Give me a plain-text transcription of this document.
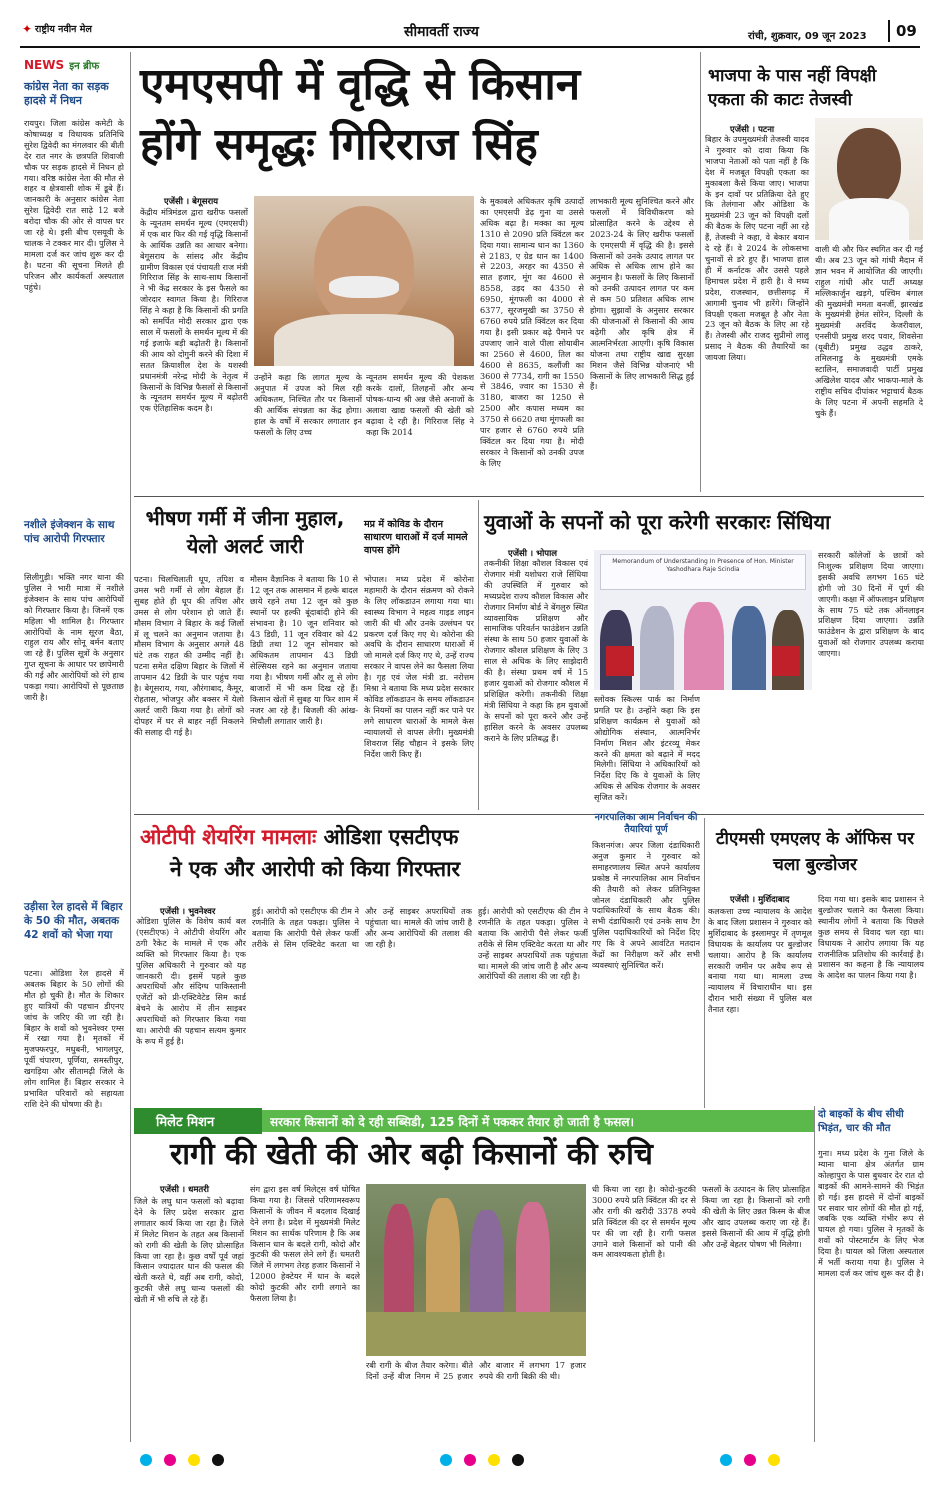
✦ राष्ट्रीय नवीन मेल	सीमावर्ती राज्य	रांची, शुक्रवार, 09 जून 2023 09
NEWS इन ब्रीफ
कांग्रेस नेता का सड़क हादसे में निधन
रायपुर। जिला कांग्रेस कमेटी के कोषाध्यक्ष व विधायक प्रतिनिधि सुरेश द्विवेदी का मंगलवार की बीती देर रात नगर के छत्रपति शिवाजी चौक पर सड़क हादसे में निधन हो गया। वरिष्ठ कांग्रेस नेता की मौत से शहर व क्षेत्रवासी शोक में डूबे हैं। जानकारी के अनुसार कांग्रेस नेता सुरेश द्विवेदी रात साढ़े 12 बजे बरोदा चौक की ओर से वापस घर जा रहे थे। इसी बीच एसयूवी के चालक ने टक्कर मार दी। पुलिस ने मामला दर्ज कर जांच शुरू कर दी है। घटना की सूचना मिलते ही परिजन और कार्यकर्ता अस्पताल पहुंचे।
नशीले इंजेक्शन के साथ पांच आरोपी गिरफ्तार
सिलीगुड़ी। भक्ति नगर थाना की पुलिस ने भारी मात्रा में नशीले इंजेक्शन के साथ पांच आरोपियों को गिरफ्तार किया है। जिनमें एक महिला भी शामिल है। गिरफ्तार आरोपियों के नाम सूरज बैठा, राहुल राय और सोनू बर्मन बताए जा रहे हैं। पुलिस सूत्रों के अनुसार गुप्त सूचना के आधार पर छापेमारी की गई और आरोपियों को रंगे हाथ पकड़ा गया। आरोपियों से पूछताछ जारी है।
उड़ीसा रेल हादसे में बिहार के 50 की मौत, अबतक 42 शवों को भेजा गया
पटना। ओडिशा रेल हादसे में अबतक बिहार के 50 लोगों की मौत हो चुकी है। मौत के शिकार हुए यात्रियों की पहचान डीएनए जांच के जरिए की जा रही है। बिहार के शवों को भुवनेश्वर एम्स में रखा गया है। मृतकों में मुजफ्फरपुर, मधुबनी, भागलपुर, पूर्वी चंपारण, पूर्णिया, समस्तीपुर, खगड़िया और सीतामढ़ी जिले के लोग शामिल हैं। बिहार सरकार ने प्रभावित परिवारों को सहायता राशि देने की घोषणा की है।
एमएसपी में वृद्धि से किसान
होंगे समृद्धः गिरिराज सिंह
एजेंसी । बेगूसराय
केंद्रीय मंत्रिमंडल द्वारा खरीफ फसलों के न्यूनतम समर्थन मूल्य (एमएसपी) में एक बार फिर की गई वृद्धि किसानों के आर्थिक उन्नति का आधार बनेगा। बेगूसराय के सांसद और केंद्रीय ग्रामीण विकास एवं पंचायती राज मंत्री गिरिराज सिंह के साथ-साथ किसानों ने भी केंद्र सरकार के इस फैसले का जोरदार स्वागत किया है। गिरिराज सिंह ने कहा है कि किसानों की प्रगति को समर्पित मोदी सरकार द्वारा एक साल में फसलों के समर्थन मूल्य में की गई इजाफे बड़ी बढ़ोतरी है। किसानों की आय को दोगुनी करने की दिशा में सतत क्रियाशील देश के यशस्वी प्रधानमंत्री नरेन्द्र मोदी के नेतृत्व में किसानों के विभिन्न फैसलों से किसानों के न्यूनतम समर्थन मूल्य में बढ़ोतरी एक ऐतिहासिक कदम है।
उन्होंने कहा कि लागत मूल्य के अनुपात में उपज को मिल रही अधिकतम, निश्चित तौर पर किसानों की आर्थिक संपन्नता का केंद्र होगा। हाल के वर्षों में सरकार लगातार इन फसलों के लिए उच्च
न्यूनतम समर्थन मूल्य की पेशकश करके दालों, तिलहनों और अन्य पोषक-धान्य श्री अन्न जैसे अनाजों के अलावा खाद्य फसलों की खेती को बढ़ावा दे रही है। गिरिराज सिंह ने कहा कि 2014
के मुकाबले अधिकतर कृषि उत्पादों का एमएसपी डेढ़ गुना या उससे अधिक बढ़ा है। मक्का का मूल्य 1310 से 2090 प्रति क्विंटल कर दिया गया। सामान्य धान का 1360 से 2183, ए ग्रेड धान का 1400 से 2203, अरहर का 4350 से सात हजार, मूंग का 4600 से 8558, उड़द का 4350 से 6950, मूंगफली का 4000 से 6377, सूरजमुखी का 3750 से 6760 रुपये प्रति क्विंटल कर दिया गया है। इसी प्रकार बढ़े पैमाने पर उपजाए जाने वाले पीला सोयाबीन का 2560 से 4600, तिल का 4600 से 8635, कलौंजी का 3600 से 7734, रागी का 1550 से 3846, ज्वार का 1530 से 3180, बाजरा का 1250 से 2500 और कपास मध्यम का 3750 से 6620 तथा मूंगफली का पार हजार से 6760 रुपये प्रति क्विंटल कर दिया गया है। मोदी सरकार ने किसानों को उनकी उपज के लिए
लाभकारी मूल्य सुनिश्चित करने और फसलों में विविधीकरण को प्रोत्साहित करने के उद्देश्य से 2023-24 के लिए खरीफ फसलों के एमएसपी में वृद्धि की है। इससे किसानों को उनके उत्पाद लागत पर अधिक से अधिक लाभ होने का अनुमान है। फसलों के लिए किसानों को उनकी उत्पादन लागत पर कम से कम 50 प्रतिशत अधिक लाभ होगा। सुझावों के अनुसार सरकार की योजनाओं से किसानों की आय बढ़ेगी और कृषि क्षेत्र में आत्मनिर्भरता आएगी। कृषि विकास योजना तथा राष्ट्रीय खाद्य सुरक्षा मिशन जैसे विभिन्न योजनाएं भी किसानों के लिए लाभकारी सिद्ध हुई हैं।
भाजपा के पास नहीं विपक्षी एकता की काटः तेजस्वी
एजेंसी । पटना
बिहार के उपमुख्यमंत्री तेजस्वी यादव ने गुरुवार को दावा किया कि भाजपा नेताओं को पता नहीं है कि देश में मजबूत विपक्षी एकता का मुकाबला कैसे किया जाए। भाजपा के इन दावों पर प्रतिक्रिया देते हुए कि तेलंगाना और ओडिशा के मुख्यमंत्री 23 जून को विपक्षी दलों की बैठक के लिए पटना नहीं आ रहे हैं, तेजस्वी ने कहा, वे बेकार बयान दे रहे हैं। वे 2024 के लोकसभा चुनावों से डरे हुए हैं। भाजपा हाल ही में कर्नाटक और उससे पहले हिमाचल प्रदेश में हारी है। वे मध्य प्रदेश, राजस्थान, छत्तीसगढ़ में आगामी चुनाव भी हारेंगे। जिन्होंने विपक्षी एकता मजबूत है और नेता 23 जून को बैठक के लिए आ रहे हैं। तेजस्वी और राजद सुप्रीमो लालू प्रसाद ने बैठक की तैयारियों का जायजा लिया।
वाली थी और फिर स्थगित कर दी गई थी। अब 23 जून को गांधी मैदान में ज्ञान भवन में आयोजित की जाएगी। राहुल गांधी और पार्टी अध्यक्ष मल्लिकार्जुन खड़गे, पश्चिम बंगाल की मुख्यमंत्री ममता बनर्जी, झारखंड के मुख्यमंत्री हेमंत सोरेन, दिल्ली के मुख्यमंत्री अरविंद केजरीवाल, एनसीपी प्रमुख शरद पवार, शिवसेना (यूबीटी) प्रमुख उद्धव ठाकरे, तमिलनाडु के मुख्यमंत्री एमके स्टालिन, समाजवादी पार्टी प्रमुख अखिलेश यादव और भाकपा-माले के राष्ट्रीय सचिव दीपांकर भट्टाचार्य बैठक के लिए पटना में अपनी सहमति दे चुके हैं।
भीषण गर्मी में जीना मुहाल, येलो अलर्ट जारी
पटना। चिलचिलाती धूप, तपिश व उमस भरी गर्मी से लोग बेहाल हैं। सुबह होते ही धूप की तपिश और उमस से लोग परेशान हो जाते हैं। मौसम विभाग ने बिहार के कई जिलों में लू चलने का अनुमान जताया है। मौसम विभाग के अनुसार अगले 48 घंटे तक राहत की उम्मीद नहीं है। पटना समेत दक्षिण बिहार के जिलों में तापमान 42 डिग्री के पार पहुंच गया है। बेगूसराय, गया, औरंगाबाद, कैमूर, रोहतास, भोजपुर और बक्सर में येलो अलर्ट जारी किया गया है। लोगों को दोपहर में घर से बाहर नहीं निकलने की सलाह दी गई है।
मौसम वैज्ञानिक ने बताया कि 10 से 12 जून तक आसमान में हल्के बादल छाये रहने तथा 12 जून को कुछ स्थानों पर हल्की बूंदाबांदी होने की संभावना है। 10 जून शनिवार को 43 डिग्री, 11 जून रविवार को 42 डिग्री तथा 12 जून सोमवार को अधिकतम तापमान 43 डिग्री सेल्सियस रहने का अनुमान जताया गया है। भीषण गर्मी और लू से लोग बाजारों में भी कम दिख रहे हैं। किसान खेतों में सुबह या फिर शाम में नजर आ रहे हैं। बिजली की आंख-मिचौली लगातार जारी है।
मप्र में कोविड के दौरान साधारण धाराओं में दर्ज मामले वापस होंगे
भोपाल। मध्य प्रदेश में कोरोना महामारी के दौरान संक्रमण को रोकने के लिए लॉकडाउन लगाया गया था। स्वास्थ्य विभाग ने महत्व गाइड लाइन जारी की थी और उनके उल्लंघन पर प्रकरण दर्ज किए गए थे। कोरोना की अवधि के दौरान साधारण धाराओं में जो मामले दर्ज किए गए थे, उन्हें राज्य सरकार ने वापस लेने का फैसला लिया है। गृह एवं जेल मंत्री डा. नरोत्तम मिश्रा ने बताया कि मध्य प्रदेश सरकार कोविड लॉकडाउन के समय लॉकडाउन के नियमों का पालन नहीं कर पाने पर लगे साधारण धाराओं के मामले केस न्यायालयों से वापस लेगी। मुख्यमंत्री शिवराज सिंह चौहान ने इसके लिए निर्देश जारी किए हैं।
युवाओं के सपनों को पूरा करेगी सरकारः सिंधिया
एजेंसी । भोपाल
तकनीकी शिक्षा कौशल विकास एवं रोजगार मंत्री यशोधरा राजे सिंधिया की उपस्थिति में गुरुवार को मध्यप्रदेश राज्य कौशल विकास और रोजगार निर्माण बोर्ड ने बेंगलुरु स्थित व्यावसायिक प्रशिक्षण और सामाजिक परिवर्तन फाउंडेशन उन्नति संस्था के साथ 50 हजार युवाओं के रोजगार कौशल प्रशिक्षण के लिए 3 साल से अधिक के लिए साझेदारी की है। संस्था प्रथम वर्ष में 15 हजार युवाओं को रोजगार कौशल में प्रशिक्षित करेगी। तकनीकी शिक्षा मंत्री सिंधिया ने कहा कि हम युवाओं के सपनों को पूरा करने और उन्हें हासिल करने के अवसर उपलब्ध कराने के लिए प्रतिबद्ध हैं।
Memorandum of Understanding In Presence of Hon. Minister Yashodhara Raje Scindia
स्लोवक स्किल्स पार्क का निर्माण प्रगति पर है। उन्होंने कहा कि इस प्रशिक्षण कार्यक्रम से युवाओं को ओद्योगिक संस्थान, आत्मनिर्भर निर्माण मिशन और इंटरव्यू मेकर करने की क्षमता को बढ़ाने में मदद मिलेगी। सिंधिया ने अधिकारियों को निर्देश दिए कि वे युवाओं के लिए अधिक से अधिक रोजगार के अवसर सृजित करें।
सरकारी कॉलेजों के छात्रों को निःशुल्क प्रशिक्षण दिया जाएगा। इसकी अवधि लगभग 165 घंटे होगी जो 30 दिनों में पूर्ण की जाएगी। कक्षा में ऑफलाइन प्रशिक्षण के साथ 75 घंटे तक ऑनलाइन प्रशिक्षण दिया जाएगा। उन्नति फाउंडेशन के द्वारा प्रशिक्षण के बाद युवाओं को रोजगार उपलब्ध कराया जाएगा।
ओटीपी शेयरिंग मामलाः ओडिशा एसटीएफ
ने एक और आरोपी को किया गिरफ्तार
एजेंसी । भुवनेश्वर
ओडिशा पुलिस के विशेष कार्य बल (एसटीएफ) ने ओटीपी शेयरिंग और ठगी रैकेट के मामले में एक और व्यक्ति को गिरफ्तार किया है। एक पुलिस अधिकारी ने गुरुवार को यह जानकारी दी। इसमें पहले कुछ अपराधियों और संदिग्ध पाकिस्तानी एजेंटों को प्री-एक्टिवेटेड सिम कार्ड बेचने के आरोप में तीन साइबर अपराधियों को गिरफ्तार किया गया था। आरोपी की पहचान सत्यम कुमार के रूप में हुई है।
हुई। आरोपी को एसटीएफ की टीम ने रणनीति के तहत पकड़ा। पुलिस ने बताया कि आरोपी पैसे लेकर फर्जी तरीके से सिम एक्टिवेट करता था और उन्हें साइबर अपराधियों तक पहुंचाता था। मामले की जांच जारी है और अन्य आरोपियों की तलाश की जा रही है।
हुई। आरोपी को एसटीएफ की टीम ने रणनीति के तहत पकड़ा। पुलिस ने बताया कि आरोपी पैसे लेकर फर्जी तरीके से सिम एक्टिवेट करता था और उन्हें साइबर अपराधियों तक पहुंचाता था। मामले की जांच जारी है और अन्य आरोपियों की तलाश की जा रही है।
नगरपालिका आम निर्वाचन की तैयारियां पूर्ण
किशनगंज। अपर जिला दंडाधिकारी अनुज कुमार ने गुरुवार को समाहरणालय स्थित अपने कार्यालय प्रकोष्ठ में नगरपालिका आम निर्वाचन की तैयारी को लेकर प्रतिनियुक्त जोनल दंडाधिकारी और पुलिस पदाधिकारियों के साथ बैठक की। सभी दंडाधिकारी एवं उनके साथ टैग पुलिस पदाधिकारियों को निर्देश दिए गए कि वे अपने आवंटित मतदान केंद्रों का निरीक्षण करें और सभी व्यवस्थाएं सुनिश्चित करें।
टीएमसी एमएलए के ऑफिस पर चला बुल्डोजर
एजेंसी । मुर्शिदाबाद
कलकत्ता उच्च न्यायालय के आदेश के बाद जिला प्रशासन ने गुरुवार को मुर्शिदाबाद के इस्लामपुर में तृणमूल विधायक के कार्यालय पर बुल्डोजर चलाया। आरोप है कि कार्यालय सरकारी जमीन पर अवैध रूप से बनाया गया था। मामला उच्च न्यायालय में विचाराधीन था। इस दौरान भारी संख्या में पुलिस बल तैनात रहा।
दिया गया था। इसके बाद प्रशासन ने बुल्डोजर चलाने का फैसला किया। स्थानीय लोगों ने बताया कि पिछले कुछ समय से विवाद चल रहा था। विधायक ने आरोप लगाया कि यह राजनीतिक प्रतिशोध की कार्रवाई है। प्रशासन का कहना है कि न्यायालय के आदेश का पालन किया गया है।
मिलेट मिशन	सरकार किसानों को दे रही सब्सिडी, 125 दिनों में पककर तैयार हो जाती है फसल।
दो बाइकों के बीच सीधी भिड़ंत, चार की मौत
गुना। मध्य प्रदेश के गुना जिले के म्याना थाना क्षेत्र अंतर्गत ग्राम कोल्हापुरा के पास बुधवार देर रात दो बाइकों की आमने-सामने की भिड़ंत हो गई। इस हादसे में दोनों बाइकों पर सवार चार लोगों की मौत हो गई, जबकि एक व्यक्ति गंभीर रूप से घायल हो गया। पुलिस ने मृतकों के शवों को पोस्टमार्टम के लिए भेज दिया है। घायल को जिला अस्पताल में भर्ती कराया गया है। पुलिस ने मामला दर्ज कर जांच शुरू कर दी है।
रागी की खेती की ओर बढ़ी किसानों की रुचि
एजेंसी । धमतरी
जिले के लघु धान फसलों को बढ़ावा देने के लिए प्रदेश सरकार द्वारा लगातार कार्य किया जा रहा है। जिले में मिलेट मिशन के तहत अब किसानों को रागी की खेती के लिए प्रोत्साहित किया जा रहा है। कुछ वर्षों पूर्व जहां किसान ज्यादातर धान की फसल की खेती करते थे, वहीं अब रागी, कोदो, कुटकी जैसे लघु धान्य फसलों की खेती में भी रुचि ले रहे हैं।
संग द्वारा इस वर्ष मिलेट्स वर्ष घोषित किया गया है। जिससे परिणामस्वरूप किसानों के जीवन में बदलाव दिखाई देने लगा है। प्रदेश में मुख्यमंत्री मिलेट मिशन का सार्थक परिणाम है कि अब किसान धान के बदले रागी, कोदो और कुटकी की फसल लेने लगे हैं। धमतरी जिले में लगभग तेरह हजार किसानों ने 12000 हेक्टेयर में धान के बदले कोदो कुटकी और रागी लगाने का फैसला लिया है।
रबी रागी के बीज तैयार करेगा। बीते दिनों उन्हें बीज निगम में 25 हजार और बाजार में लगभग 17 हजार रुपये की रागी बिक्री की थी।
धी किया जा रहा है। कोदो-कुटकी 3000 रुपये प्रति क्विंटल की दर से और रागी की खरीदी 3378 रुपये प्रति क्विंटल की दर से समर्थन मूल्य पर की जा रही है। रागी फसल उगाने वाले किसानों को पानी की कम आवश्यकता होती है।
फसलों के उत्पादन के लिए प्रोत्साहित किया जा रहा है। किसानों को रागी की खेती के लिए उन्नत किस्म के बीज और खाद उपलब्ध कराए जा रहे हैं। इससे किसानों की आय में वृद्धि होगी और उन्हें बेहतर पोषण भी मिलेगा।
